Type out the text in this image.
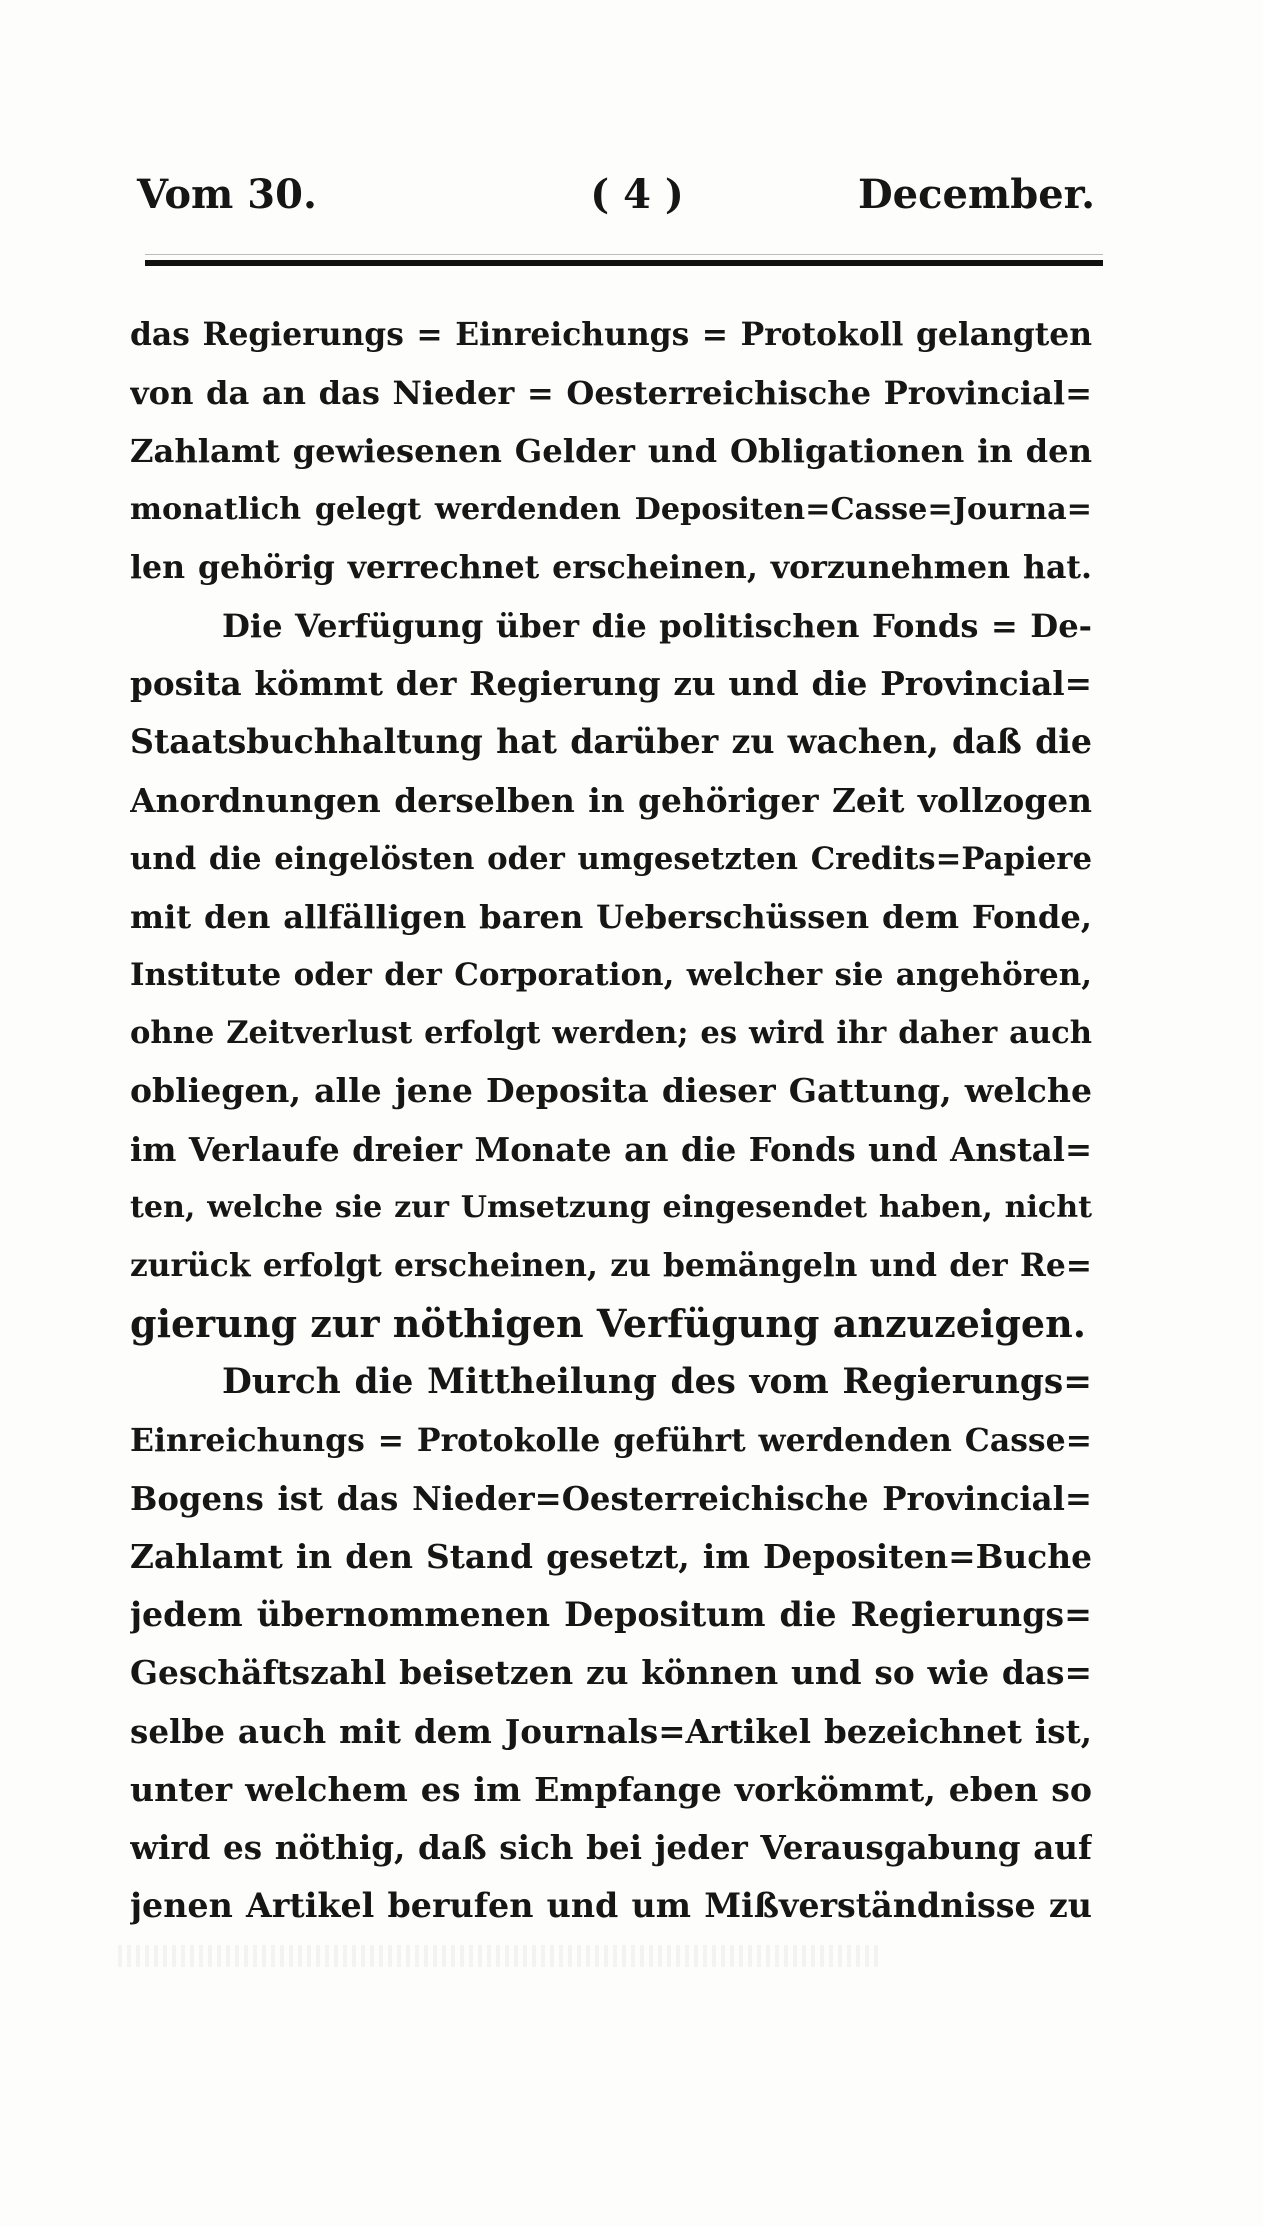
Vom 30.	( 4 )	December.
das Regierungs = Einreichungs = Protokoll gelangten
von da an das Nieder = Oesterreichische Provincial=
Zahlamt gewiesenen Gelder und Obligationen in den
monatlich gelegt werdenden Depositen=Casse=Journa=
len gehörig verrechnet erscheinen, vorzunehmen hat.
Die Verfügung über die politischen Fonds = De-
posita kömmt der Regierung zu und die Provincial=
Staatsbuchhaltung hat darüber zu wachen, daß die
Anordnungen derselben in gehöriger Zeit vollzogen
und die eingelösten oder umgesetzten Credits=Papiere
mit den allfälligen baren Ueberschüssen dem Fonde,
Institute oder der Corporation, welcher sie angehören,
ohne Zeitverlust erfolgt werden; es wird ihr daher auch
obliegen, alle jene Deposita dieser Gattung, welche
im Verlaufe dreier Monate an die Fonds und Anstal=
ten, welche sie zur Umsetzung eingesendet haben, nicht
zurück erfolgt erscheinen, zu bemängeln und der Re=
gierung zur nöthigen Verfügung anzuzeigen.
Durch die Mittheilung des vom Regierungs=
Einreichungs = Protokolle geführt werdenden Casse=
Bogens ist das Nieder=Oesterreichische Provincial=
Zahlamt in den Stand gesetzt, im Depositen=Buche
jedem übernommenen Depositum die Regierungs=
Geschäftszahl beisetzen zu können und so wie das=
selbe auch mit dem Journals=Artikel bezeichnet ist,
unter welchem es im Empfange vorkömmt, eben so
wird es nöthig, daß sich bei jeder Verausgabung auf
jenen Artikel berufen und um Mißverständnisse zu
